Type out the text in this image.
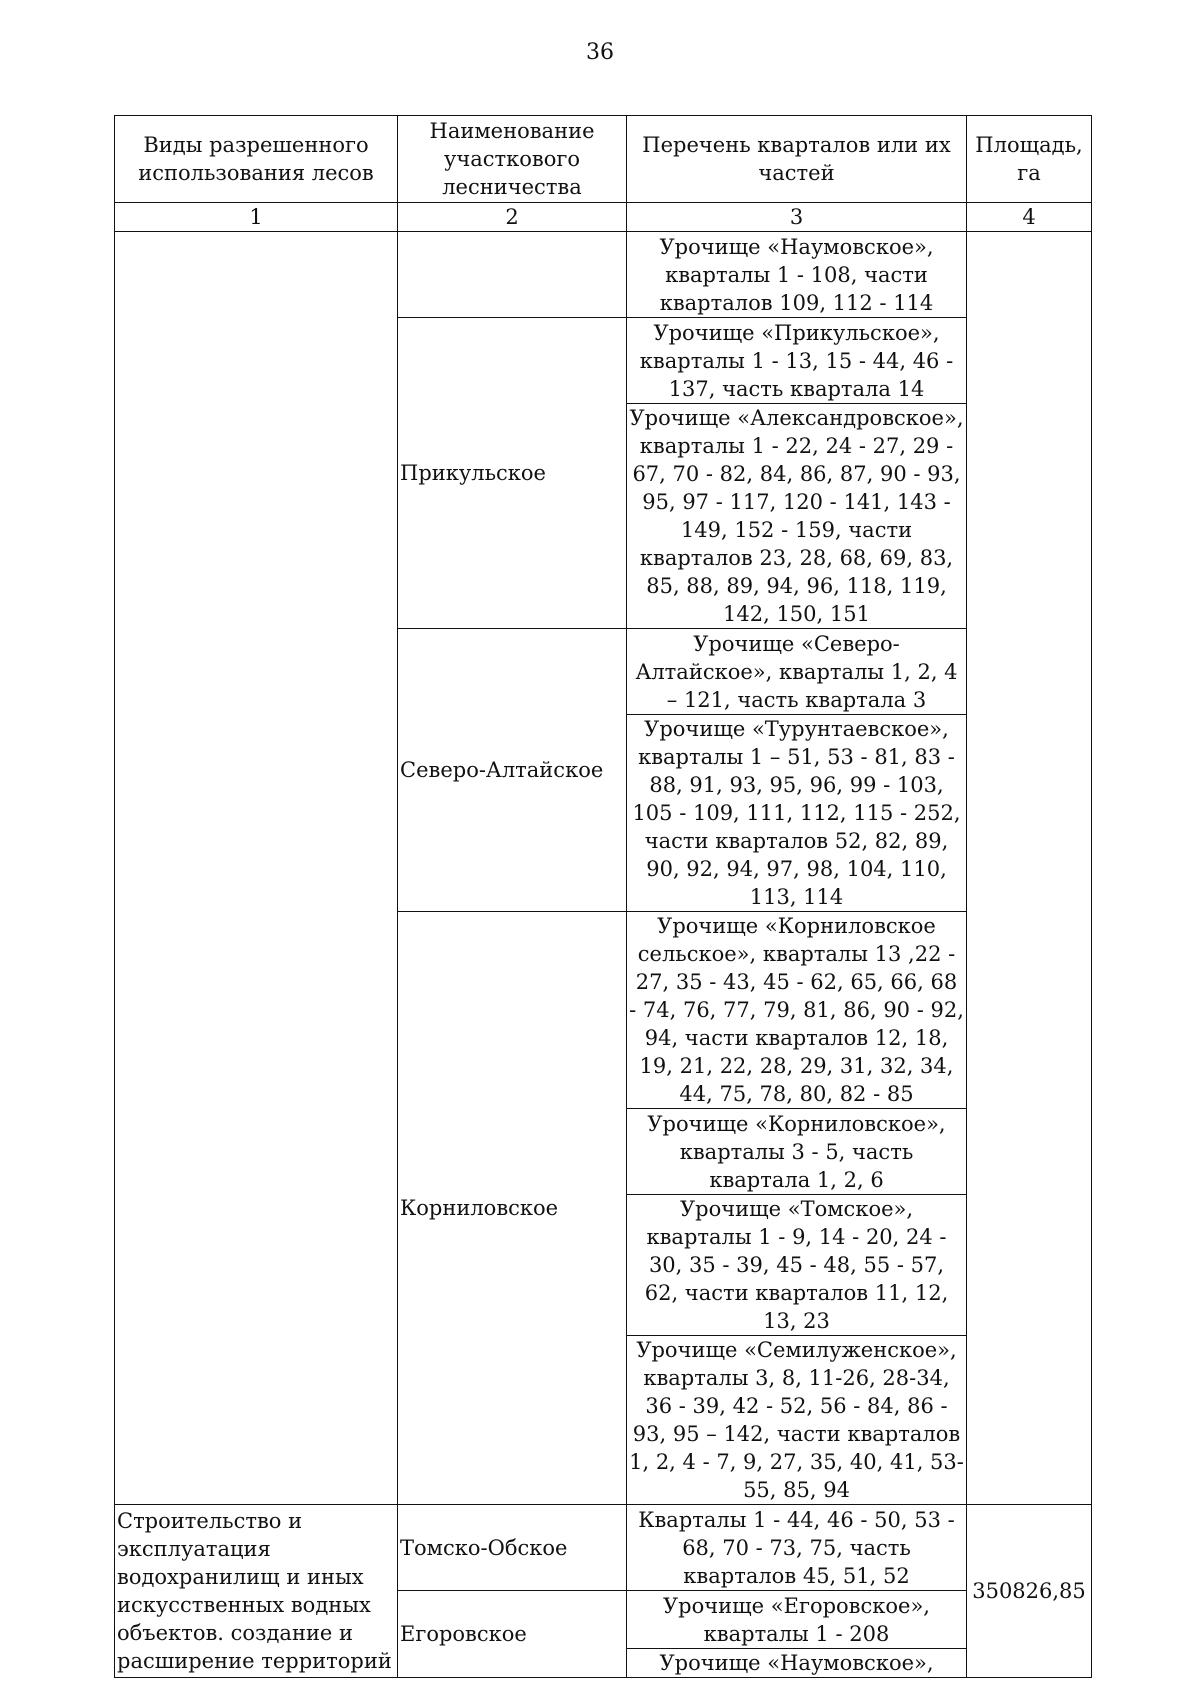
36
Виды разрешенного использования лесов	Наименование участкового лесничества	Перечень кварталов или их частей	Площадь, га
1	2	3	4
		Урочище «Наумовское», кварталы 1 - 108, части кварталов 109, 112 - 114	
	Прикульское	Урочище «Прикульское», кварталы 1 - 13, 15 - 44, 46 - 137, часть квартала 14	
		Урочище «Александровское», кварталы 1 - 22, 24 - 27, 29 - 67, 70 - 82, 84, 86, 87, 90 - 93, 95, 97 - 117, 120 - 141, 143 - 149, 152 - 159, части кварталов 23, 28, 68, 69, 83, 85, 88, 89, 94, 96, 118, 119, 142, 150, 151	
	Северо-Алтайское	Урочище «Северо-Алтайское», кварталы 1, 2, 4 – 121, часть квартала 3	
		Урочище «Турунтаевское», кварталы 1 – 51, 53 - 81, 83 - 88, 91, 93, 95, 96, 99 - 103, 105 - 109, 111, 112, 115 - 252, части кварталов 52, 82, 89, 90, 92, 94, 97, 98, 104, 110, 113, 114	
	Корниловское	Урочище «Корниловское сельское», кварталы 13 ,22 - 27, 35 - 43, 45 - 62, 65, 66, 68 - 74, 76, 77, 79, 81, 86, 90 - 92, 94, части кварталов 12, 18, 19, 21, 22, 28, 29, 31, 32, 34, 44, 75, 78, 80, 82 - 85	
		Урочище «Корниловское», кварталы 3 - 5, часть квартала 1, 2, 6	
		Урочище «Томское», кварталы 1 - 9, 14 - 20, 24 - 30, 35 - 39, 45 - 48, 55 - 57, 62, части кварталов 11, 12, 13, 23	
		Урочище «Семилуженское», кварталы 3, 8, 11-26, 28-34, 36 - 39, 42 - 52, 56 - 84, 86 - 93, 95 – 142, части кварталов 1, 2, 4 - 7, 9, 27, 35, 40, 41, 53-55, 85, 94	
Строительство и эксплуатация водохранилищ и иных искусственных водных объектов. создание и расширение территорий	Томско-Обское	Кварталы 1 - 44, 46 - 50, 53 - 68, 70 - 73, 75, часть кварталов 45, 51, 52	350826,85
	Егоровское	Урочище «Егоровское», кварталы 1 - 208	
		Урочище «Наумовское»,	
